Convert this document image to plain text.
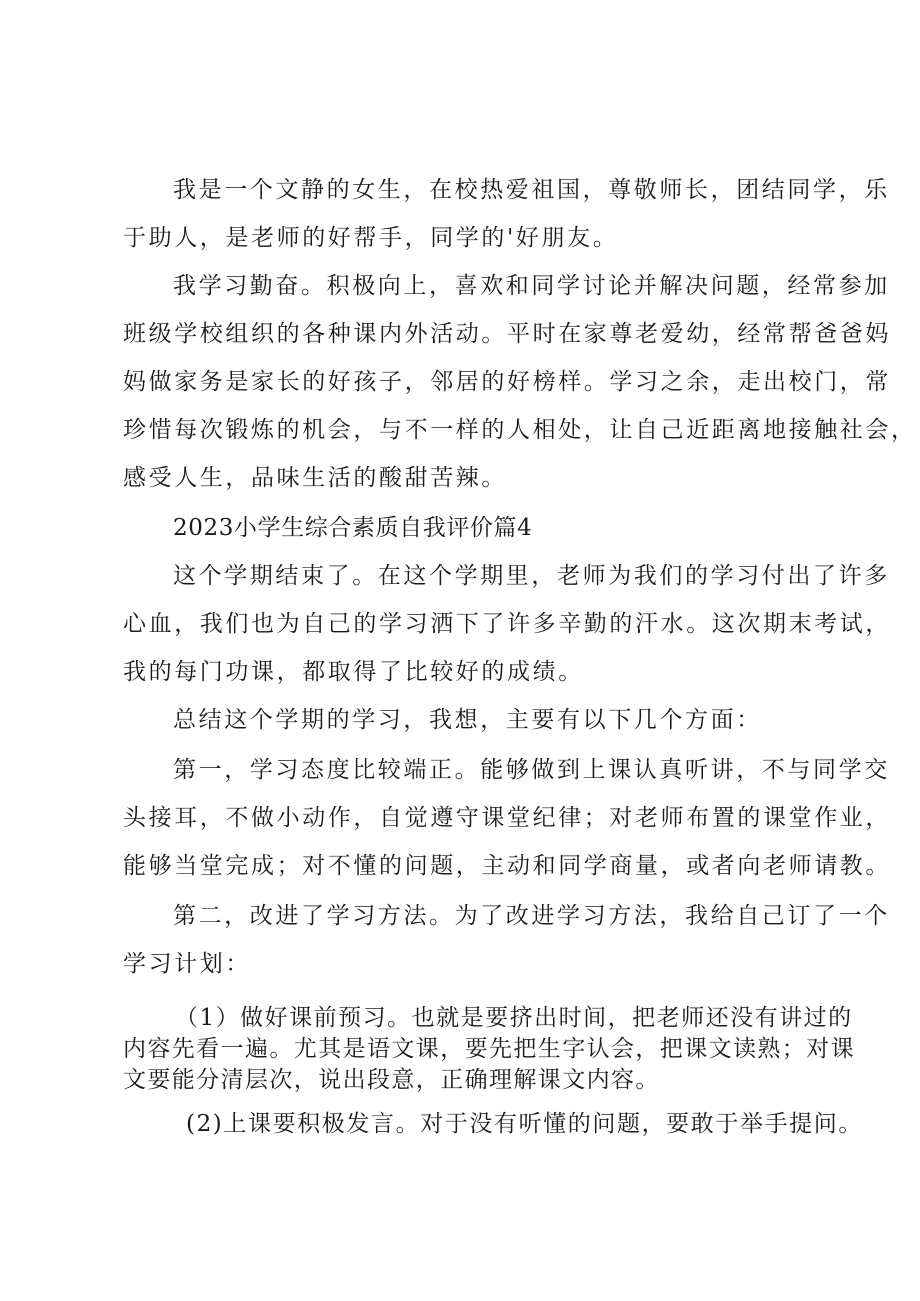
我是一个文静的女生，在校热爱祖国，尊敬师长，团结同学，乐
于助人，是老师的好帮手，同学的'好朋友。
我学习勤奋。积极向上，喜欢和同学讨论并解决问题，经常参加
班级学校组织的各种课内外活动。平时在家尊老爱幼，经常帮爸爸妈
妈做家务是家长的好孩子，邻居的好榜样。学习之余，走出校门，常
珍惜每次锻炼的机会，与不一样的人相处，让自己近距离地接触社会，
感受人生，品味生活的酸甜苦辣。
2023小学生综合素质自我评价篇4
这个学期结束了。在这个学期里，老师为我们的学习付出了许多
心血，我们也为自己的学习洒下了许多辛勤的汗水。这次期末考试，
我的每门功课，都取得了比较好的成绩。
总结这个学期的学习，我想，主要有以下几个方面：
第一，学习态度比较端正。能够做到上课认真听讲，不与同学交
头接耳，不做小动作，自觉遵守课堂纪律；对老师布置的课堂作业，
能够当堂完成；对不懂的问题，主动和同学商量，或者向老师请教。
第二，改进了学习方法。为了改进学习方法，我给自己订了一个
学习计划：
（1）做好课前预习。也就是要挤出时间，把老师还没有讲过的
内容先看一遍。尤其是语文课，要先把生字认会，把课文读熟；对课
文要能分清层次，说出段意，正确理解课文内容。
(2)上课要积极发言。对于没有听懂的问题，要敢于举手提问。
